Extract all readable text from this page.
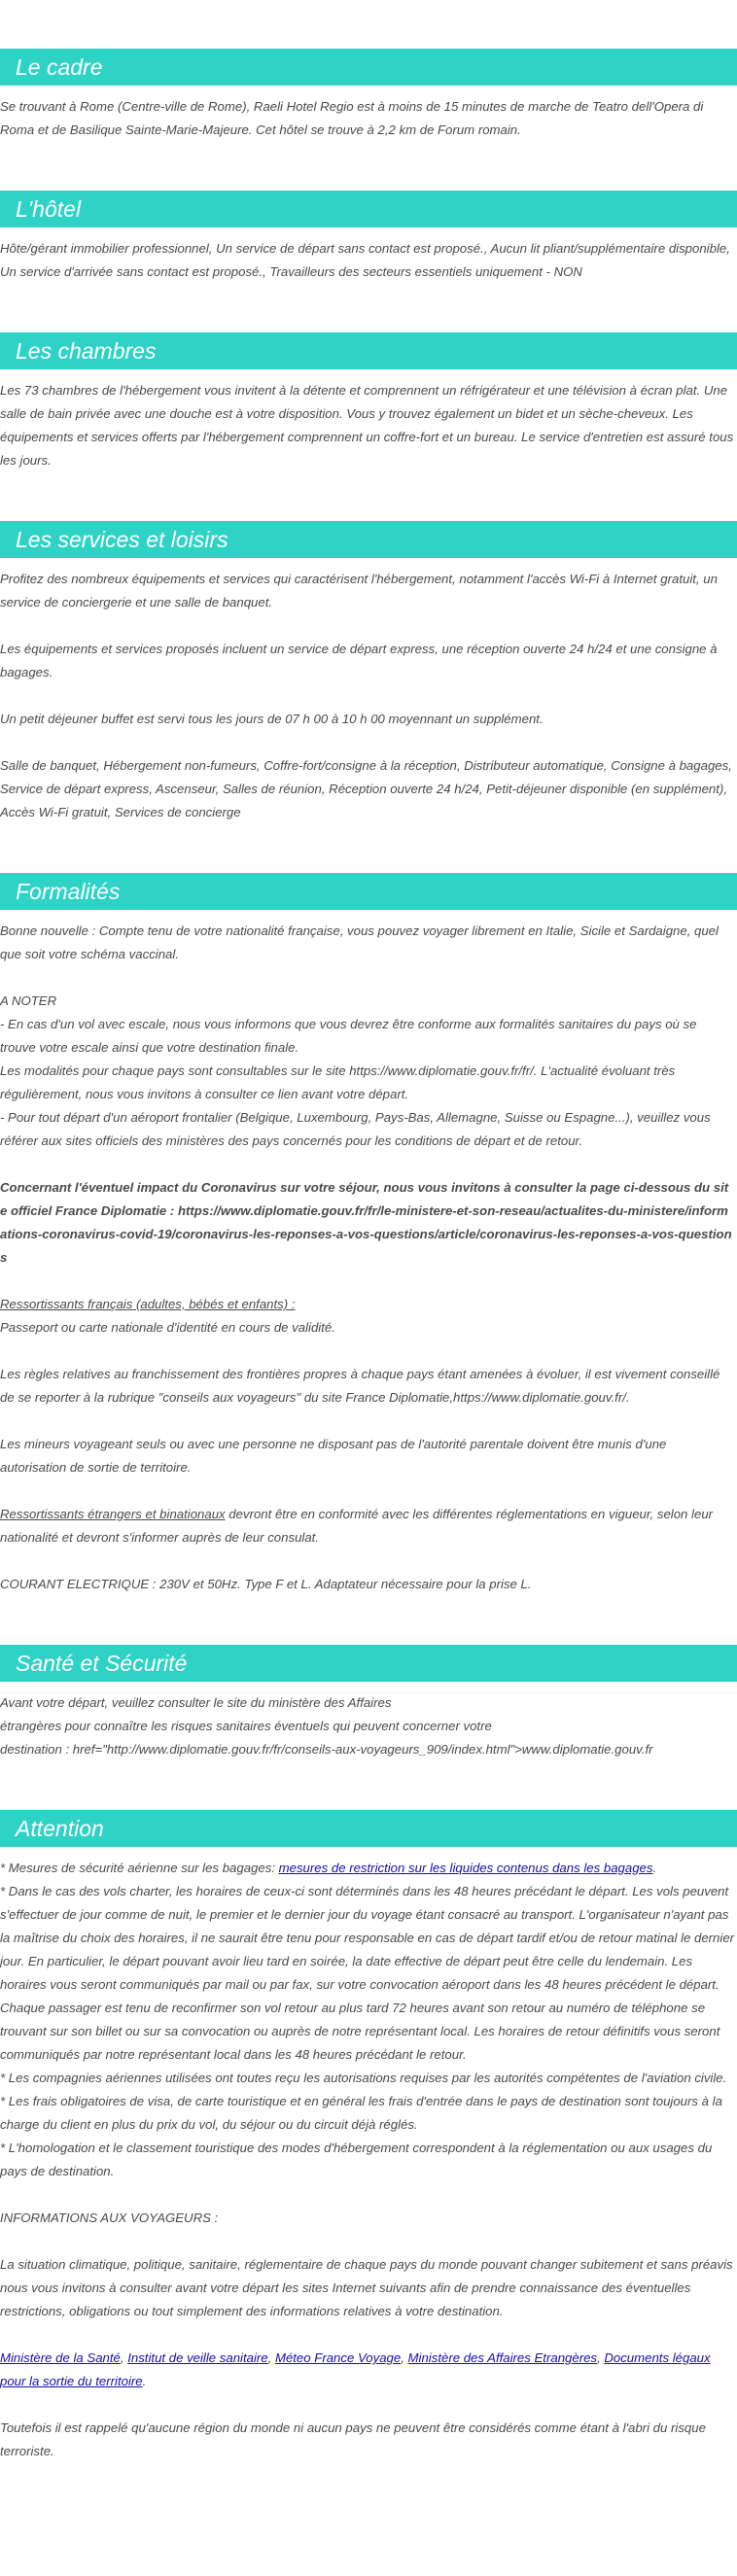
Le cadre

Se trouvant à Rome (Centre-ville de Rome), Raeli Hotel Regio est à moins de 15 minutes de marche de Teatro dell'Opera di Roma et de Basilique Sainte-Marie-Majeure. Cet hôtel se trouve à 2,2 km de Forum romain.

L'hôtel

Hôte/gérant immobilier professionnel, Un service de départ sans contact est proposé., Aucun lit pliant/supplémentaire disponible, Un service d'arrivée sans contact est proposé., Travailleurs des secteurs essentiels uniquement - NON

Les chambres

Les 73 chambres de l'hébergement vous invitent à la détente et comprennent un réfrigérateur et une télévision à écran plat. Une salle de bain privée avec une douche est à votre disposition. Vous y trouvez également un bidet et un sèche-cheveux. Les équipements et services offerts par l'hébergement comprennent un coffre-fort et un bureau. Le service d'entretien est assuré tous les jours.

Les services et loisirs

Profitez des nombreux équipements et services qui caractérisent l'hébergement, notamment l'accès Wi-Fi à Internet gratuit, un service de conciergerie et une salle de banquet.

Les équipements et services proposés incluent un service de départ express, une réception ouverte 24 h/24 et une consigne à bagages.

Un petit déjeuner buffet est servi tous les jours de 07 h 00 à 10 h 00 moyennant un supplément.

Salle de banquet, Hébergement non-fumeurs, Coffre-fort/consigne à la réception, Distributeur automatique, Consigne à bagages, Service de départ express, Ascenseur, Salles de réunion, Réception ouverte 24 h/24, Petit-déjeuner disponible (en supplément), Accès Wi-Fi gratuit, Services de concierge

Formalités

Bonne nouvelle : Compte tenu de votre nationalité française, vous pouvez voyager librement en Italie, Sicile et Sardaigne, quel que soit votre schéma vaccinal.

A NOTER

- En cas d'un vol avec escale, nous vous informons que vous devrez être conforme aux formalités sanitaires du pays où se trouve votre escale ainsi que votre destination finale.

Les modalités pour chaque pays sont consultables sur le site https://www.diplomatie.gouv.fr/fr/. L'actualité évoluant très régulièrement, nous vous invitons à consulter ce lien avant votre départ.

- Pour tout départ d'un aéroport frontalier (Belgique, Luxembourg, Pays-Bas, Allemagne, Suisse ou Espagne...), veuillez vous référer aux sites officiels des ministères des pays concernés pour les conditions de départ et de retour.

Concernant l'éventuel impact du Coronavirus sur votre séjour, nous vous invitons à consulter la page ci-dessous du site officiel France Diplomatie : https://www.diplomatie.gouv.fr/fr/le-ministere-et-son-reseau/actualites-du-ministere/informations-coronavirus-covid-19/coronavirus-les-reponses-a-vos-questions/article/coronavirus-les-reponses-a-vos-questions

Ressortissants français (adultes, bébés et enfants) :

Passeport ou carte nationale d'identité en cours de validité.

Les règles relatives au franchissement des frontières propres à chaque pays étant amenées à évoluer, il est vivement conseillé de se reporter à la rubrique "conseils aux voyageurs" du site France Diplomatie,https://www.diplomatie.gouv.fr/.

Les mineurs voyageant seuls ou avec une personne ne disposant pas de l'autorité parentale doivent être munis d'une autorisation de sortie de territoire.

Ressortissants étrangers et binationaux devront être en conformité avec les différentes réglementations en vigueur, selon leur nationalité et devront s'informer auprès de leur consulat.

COURANT ELECTRIQUE : 230V et 50Hz. Type F et L. Adaptateur nécessaire pour la prise L.

Santé et Sécurité

Avant votre départ, veuillez consulter le site du ministère des Affaires

étrangères pour connaître les risques sanitaires éventuels qui peuvent concerner votre

destination : href="http://www.diplomatie.gouv.fr/fr/conseils-aux-voyageurs_909/index.html">www.diplomatie.gouv.fr

Attention

* Mesures de sécurité aérienne sur les bagages: mesures de restriction sur les liquides contenus dans les bagages.

* Dans le cas des vols charter, les horaires de ceux-ci sont déterminés dans les 48 heures précédant le départ. Les vols peuvent s'effectuer de jour comme de nuit, le premier et le dernier jour du voyage étant consacré au transport. L'organisateur n'ayant pas la maîtrise du choix des horaires, il ne saurait être tenu pour responsable en cas de départ tardif et/ou de retour matinal le dernier jour. En particulier, le départ pouvant avoir lieu tard en soirée, la date effective de départ peut être celle du lendemain. Les horaires vous seront communiqués par mail ou par fax, sur votre convocation aéroport dans les 48 heures précédent le départ. Chaque passager est tenu de reconfirmer son vol retour au plus tard 72 heures avant son retour au numéro de téléphone se trouvant sur son billet ou sur sa convocation ou auprès de notre représentant local. Les horaires de retour définitifs vous seront communiqués par notre représentant local dans les 48 heures précédant le retour.

* Les compagnies aériennes utilisées ont toutes reçu les autorisations requises par les autorités compétentes de l'aviation civile.

* Les frais obligatoires de visa, de carte touristique et en général les frais d'entrée dans le pays de destination sont toujours à la charge du client en plus du prix du vol, du séjour ou du circuit déjà réglés.

* L'homologation et le classement touristique des modes d'hébergement correspondent à la réglementation ou aux usages du pays de destination.

INFORMATIONS AUX VOYAGEURS :

La situation climatique, politique, sanitaire, réglementaire de chaque pays du monde pouvant changer subitement et sans préavis nous vous invitons à consulter avant votre départ les sites Internet suivants afin de prendre connaissance des éventuelles restrictions, obligations ou tout simplement des informations relatives à votre destination.

Ministère de la Santé, Institut de veille sanitaire, Méteo France Voyage, Ministère des Affaires Etrangères, Documents légaux pour la sortie du territoire.

Toutefois il est rappelé qu'aucune région du monde ni aucun pays ne peuvent être considérés comme étant à l'abri du risque terroriste.
